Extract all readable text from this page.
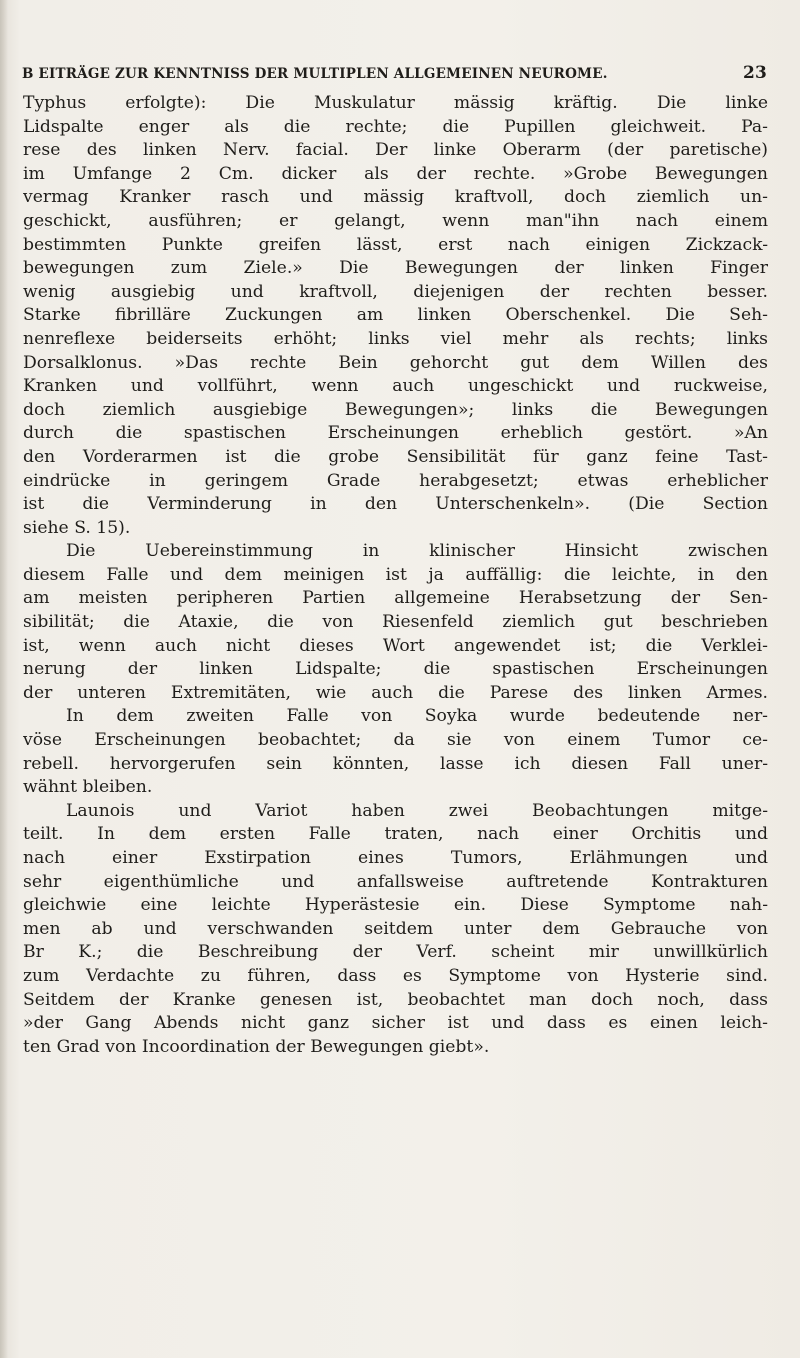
B EITRÄGE ZUR KENNTNISS DER MULTIPLEN ALLGEMEINEN NEUROME.	23
Typhus erfolgte): Die Muskulatur mässig kräftig. Die linke
Lidspalte enger als die rechte; die Pupillen gleichweit. Pa-
rese des linken Nerv. facial. Der linke Oberarm (der paretische)
im Umfange 2 Cm. dicker als der rechte. »Grobe Bewegungen
vermag Kranker rasch und mässig kraftvoll, doch ziemlich un-
geschickt, ausführen; er gelangt, wenn man"ihn nach einem
bestimmten Punkte greifen lässt, erst nach einigen Zickzack-
bewegungen zum Ziele.» Die Bewegungen der linken Finger
wenig ausgiebig und kraftvoll, diejenigen der rechten besser.
Starke fibrilläre Zuckungen am linken Oberschenkel. Die Seh-
nenreflexe beiderseits erhöht; links viel mehr als rechts; links
Dorsalklonus. »Das rechte Bein gehorcht gut dem Willen des
Kranken und vollführt, wenn auch ungeschickt und ruckweise,
doch ziemlich ausgiebige Bewegungen»; links die Bewegungen
durch die spastischen Erscheinungen erheblich gestört. »An
den Vorderarmen ist die grobe Sensibilität für ganz feine Tast-
eindrücke in geringem Grade herabgesetzt; etwas erheblicher
ist die Verminderung in den Unterschenkeln». (Die Section
siehe S. 15).
Die Uebereinstimmung in klinischer Hinsicht zwischen
diesem Falle und dem meinigen ist ja auffällig: die leichte, in den
am meisten peripheren Partien allgemeine Herabsetzung der Sen-
sibilität; die Ataxie, die von Riesenfeld ziemlich gut beschrieben
ist, wenn auch nicht dieses Wort angewendet ist; die Verklei-
nerung der linken Lidspalte; die spastischen Erscheinungen
der unteren Extremitäten, wie auch die Parese des linken Armes.
In dem zweiten Falle von Soyka wurde bedeutende ner-
vöse Erscheinungen beobachtet; da sie von einem Tumor ce-
rebell. hervorgerufen sein könnten, lasse ich diesen Fall uner-
wähnt bleiben.
Launois und Variot haben zwei Beobachtungen mitge-
teilt. In dem ersten Falle traten, nach einer Orchitis und
nach einer Exstirpation eines Tumors, Erlähmungen und
sehr eigenthümliche und anfallsweise auftretende Kontrakturen
gleichwie eine leichte Hyperästesie ein. Diese Symptome nah-
men ab und verschwanden seitdem unter dem Gebrauche von
Br K.; die Beschreibung der Verf. scheint mir unwillkürlich
zum Verdachte zu führen, dass es Symptome von Hysterie sind.
Seitdem der Kranke genesen ist, beobachtet man doch noch, dass
»der Gang Abends nicht ganz sicher ist und dass es einen leich-
ten Grad von Incoordination der Bewegungen giebt».
